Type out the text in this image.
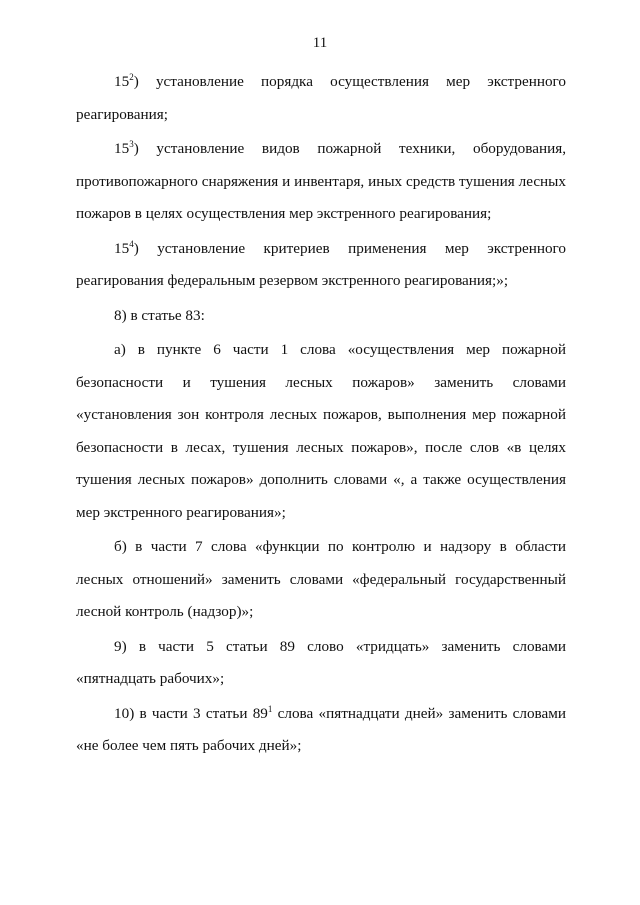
11

$15^2$) установление порядка осуществления мер экстренного реагирования;

$15^3$) установление видов пожарной техники, оборудования, противопожарного снаряжения и инвентаря, иных средств тушения лесных пожаров в целях осуществления мер экстренного реагирования;

$15^4$) установление критериев применения мер экстренного реагирования федеральным резервом экстренного реагирования;»;

8) в статье 83:

а) в пункте 6 части 1 слова «осуществления мер пожарной безопасности и тушения лесных пожаров» заменить словами «установления зон контроля лесных пожаров, выполнения мер пожарной безопасности в лесах, тушения лесных пожаров», после слов «в целях тушения лесных пожаров» дополнить словами «, а также осуществления мер экстренного реагирования»;

б) в части 7 слова «функции по контролю и надзору в области лесных отношений» заменить словами «федеральный государственный лесной контроль (надзор)»;

9) в части 5 статьи 89 слово «тридцать» заменить словами «пятнадцать рабочих»;

10) в части 3 статьи $89^1$ слова «пятнадцати дней» заменить словами «не более чем пять рабочих дней»;
